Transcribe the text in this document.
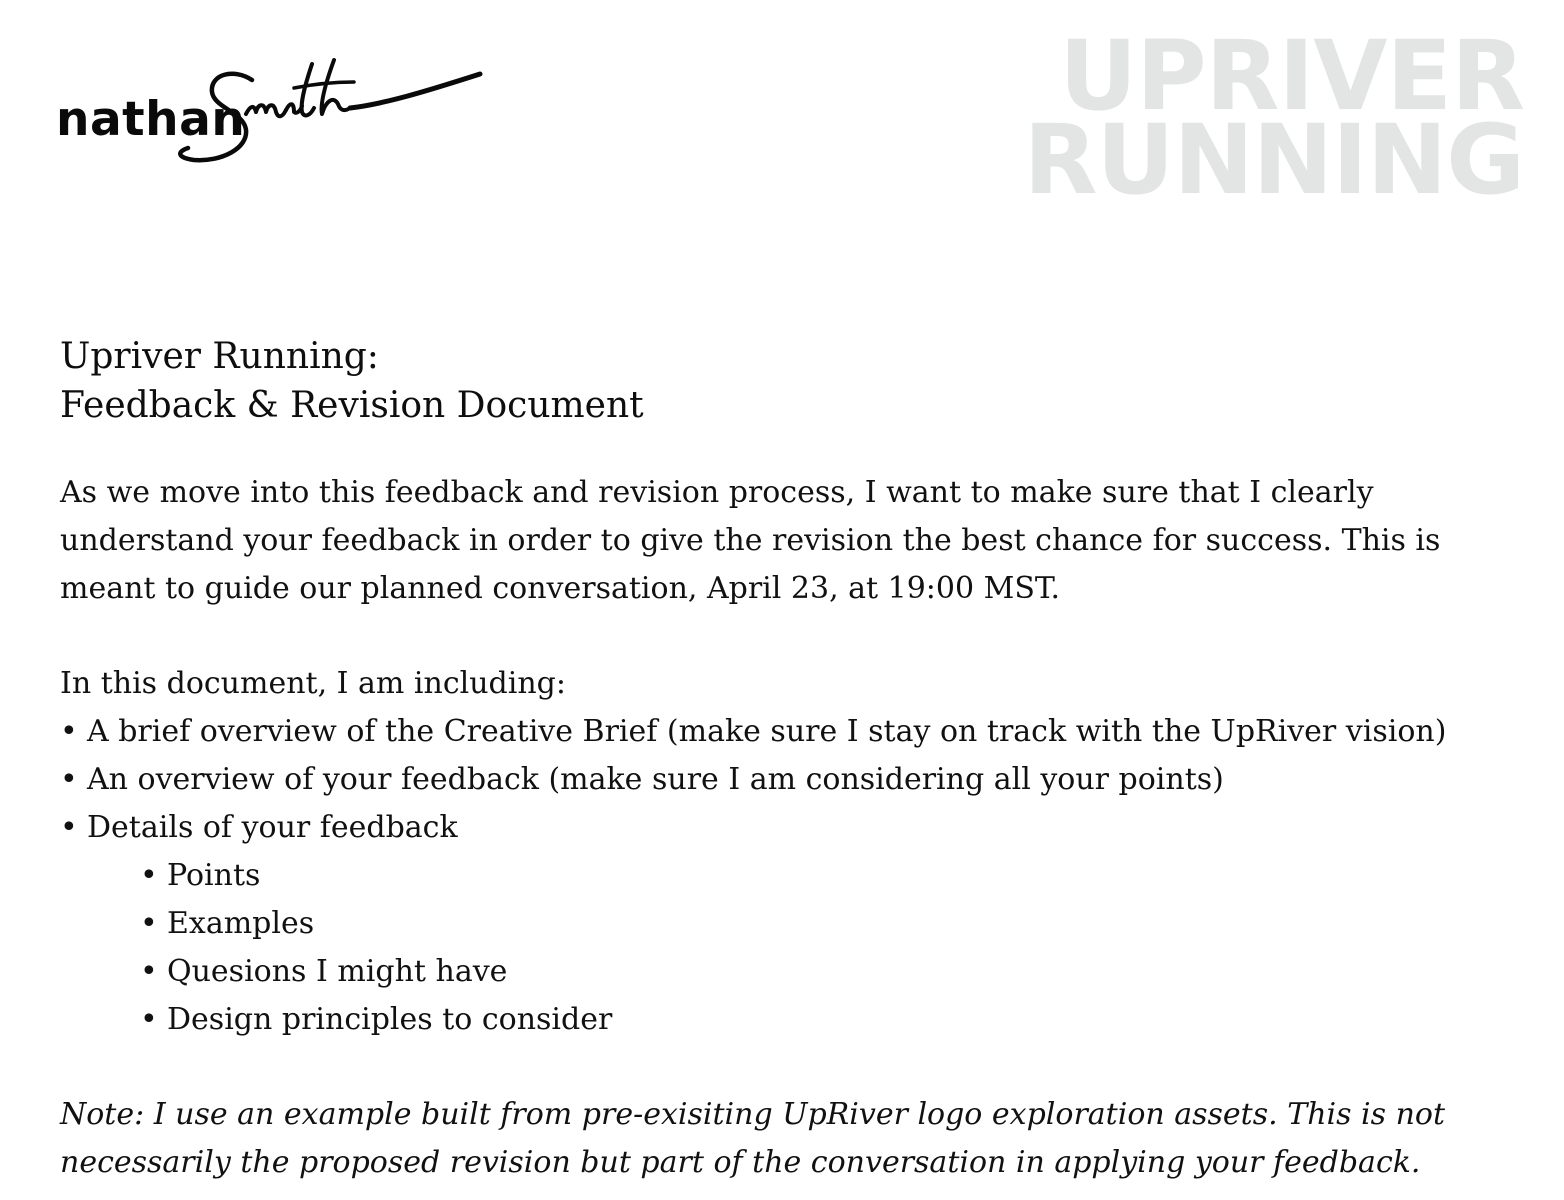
nathan	UPRIVER
RUNNING
Upriver Running:
Feedback & Revision Document

As we move into this feedback and revision process, I want to make sure that I clearly understand your feedback in order to give the revision the best chance for success. This is meant to guide our planned conversation, April 23, at 19:00 MST.

In this document, I am including:

• A brief overview of the Creative Brief (make sure I stay on track with the UpRiver vision)
• An overview of your feedback (make sure I am considering all your points)
• Details of your feedback
• Points
• Examples
• Quesions I might have
• Design principles to consider

Note: I use an example built from pre-exisiting UpRiver logo exploration assets. This is not necessarily the proposed revision but part of the conversation in applying your feedback.
